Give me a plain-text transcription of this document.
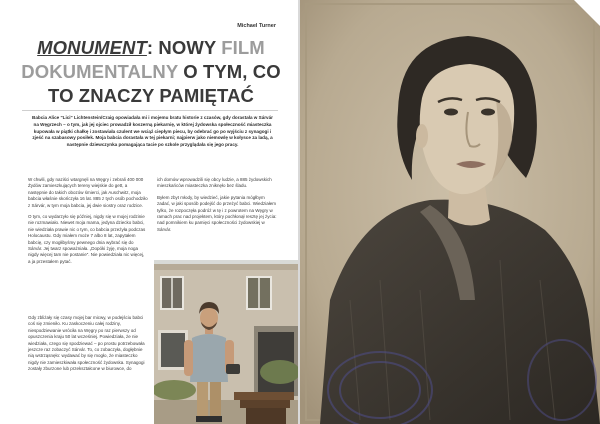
Michael Turner
MONUMENT: NOWY FILM
DOKUMENTALNY O TYM, CO
TO ZNACZY PAMIĘTAĆ

Babcia Alice "Lici" Lichtenstein/Craig opowiadała mi i mojemu bratu historie z czasów, gdy dorastała w Sárvár na Węgrzech – o tym, jak jej ojciec prowadził koszerną piekarnię, w której żydowska społeczność miasteczka kupowała w piątki chałkę i zostawiała czulent we wciąż ciepłym piecu, by odebrać go po wyjściu z synagogi i zjeść na szabasowy posiłek. Moja babcia dorastała w tej piekarni; najpierw jako niemowlę w kołysce za ladą, a następnie dziewczynka pomagająca tacie po szkole przyglądała się jego pracy.

W chwili, gdy naziści wtargnęli na Węgry i zebrali 400 000 Żydów zamieszkujących tereny wiejskie do gett, a następnie do takich obozów śmierci, jak Auschwitz, moja babcia właśnie skończyła 16 lat. 885 z tych osób pochodziło z Sárvár, w tym moja babcia, jej dwie siostry oraz rodzice.

O tym, co wydarzyło się później, nigdy się w mojej rodzinie nie rozmawiało. Niewet moja mama, jedyna dziecko babci, nie wiedziała prawie nic o tym, co babcia przeżyła podczas Holocaustu. Gdy miałem może 7 albo 8 lat, zapytałem babcię, czy mogłibyśmy pewnego dnia wybrać się do Sárvár. Jej twarz spoważniała. „Dopóki żyję, moja noga nigdy więcej tam nie postanie”. Nie powiedziała nic więcej, a ja przestałem pytać.

Gdy zbliżały się czasy mojej bar micwy, w podejściu babci coś się zmieniło. Ku zaskoczeniu całej rodziny, niespodziewanie wróciła na Węgry po raz pierwszy od opuszczenia kraju 50 lat wcześniej. Powiedziała, że nie wiedziała, czego się spodziewać – po prostu potrzebowała jeszcze raz zobaczyć Sárvár. To, co zobaczyła, dogłębnie nią wstrząsnęło: wydawać by się mogło, że miasteczko nigdy nie zamieszkiwała społeczność żydowska. Synagogi zostały zburzone lub przekształcone w biurowce, do

ich domów wprowadzili się obcy ludzie, a 885 żydowskich mieszkańców miasteczka zniknęło bez śladu.

Byłem zbyt młody, by wiedzieć, jakie pytania mógłbym zadać, w jaki sposób podejść do przeżyć babci. Wiedziałem tylko, że rozpoczęła podróż w tę i z powrotem na Węgry w ramach prac nad projektem, który pochłonął resztę jej życia: nad pomnikiem ku pamięci społeczności żydowskiej w Sárvár.
